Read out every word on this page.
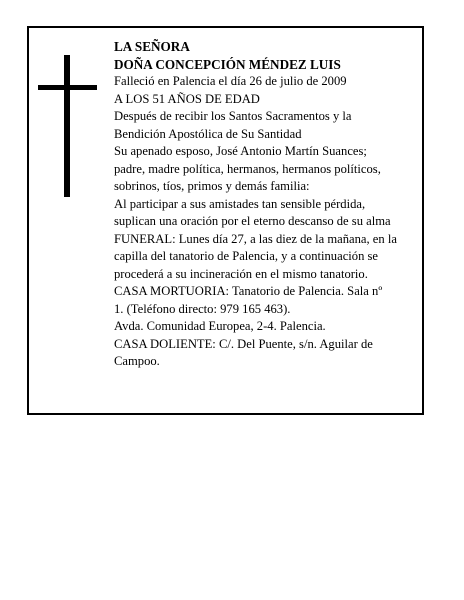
LA SEÑORA
DOÑA CONCEPCIÓN MÉNDEZ LUIS
Falleció en Palencia el día 26 de julio de 2009
A LOS 51 AÑOS DE EDAD
Después de recibir los Santos Sacramentos y la
Bendición Apostólica de Su Santidad
Su apenado esposo, José Antonio Martín Suances;
padre, madre política, hermanos, hermanos políticos,
sobrinos, tíos, primos y demás familia:
Al participar a sus amistades tan sensible pérdida,
suplican una oración por el eterno descanso de su alma
FUNERAL: Lunes día 27, a las diez de la mañana, en la
capilla del tanatorio de Palencia, y a continuación se
procederá a su incineración en el mismo tanatorio.
CASA MORTUORIA: Tanatorio de Palencia. Sala nº
1. (Teléfono directo: 979 165 463).
Avda. Comunidad Europea, 2-4. Palencia.
CASA DOLIENTE: C/. Del Puente, s/n. Aguilar de
Campoo.
